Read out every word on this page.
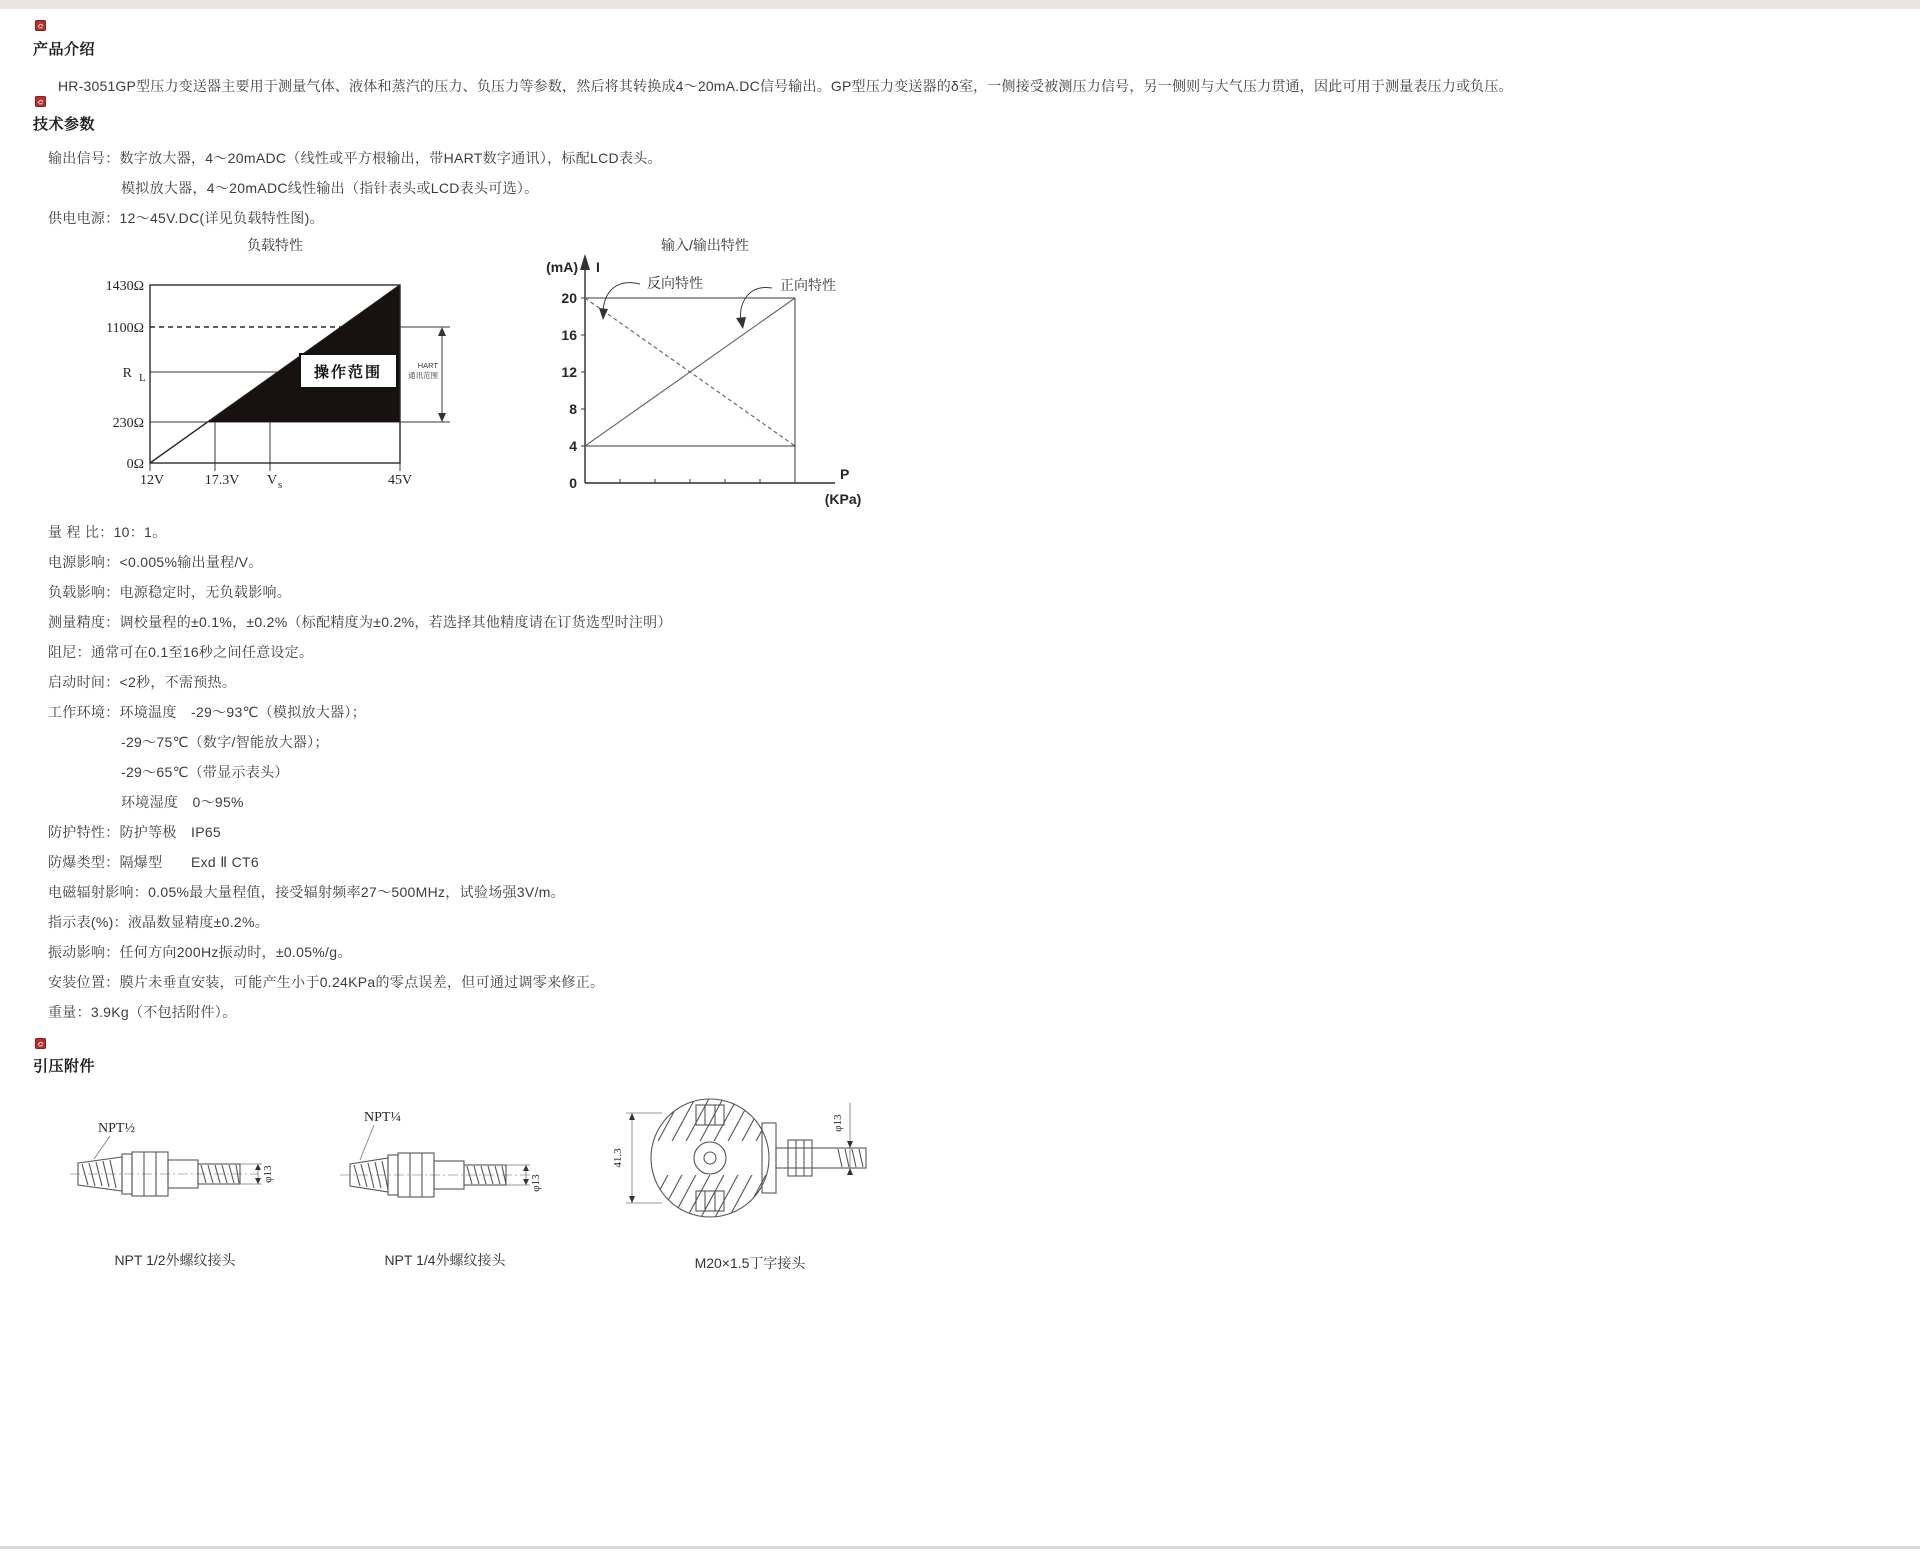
产品介绍
HR-3051GP型压力变送器主要用于测量气体、液体和蒸汽的压力、负压力等参数，然后将其转换成4～20mA.DC信号输出。GP型压力变送器的δ室，一侧接受被测压力信号，另一侧则与大气压力贯通，因此可用于测量表压力或负压。
技术参数
输出信号：数字放大器，4～20mADC（线性或平方根输出，带HART数字通讯），标配LCD表头。
模拟放大器，4～20mADC线性输出（指针表头或LCD表头可选）。
供电电源：12～45V.DC(详见负载特性图)。
负载特性
操作范围	HART
通讯范围
1430Ω
1100Ω
R L
230Ω
0Ω
12V	17.3V V s	45V
输入/输出特性
反向特性	正向特性
(mA) I
20
16
12
8
4
0
P
(KPa)
量 程 比：10：1。
电源影响：<0.005%输出量程/V。
负载影响：电源稳定时，无负载影响。
测量精度：调校量程的±0.1%，±0.2%（标配精度为±0.2%，若选择其他精度请在订货选型时注明）
阻尼：通常可在0.1至16秒之间任意设定。
启动时间：<2秒，不需预热。
工作环境：环境温度　-29～93℃（模拟放大器）；
-29～75℃（数字/智能放大器）；
-29～65℃（带显示表头）
环境湿度　0～95%
防护特性：防护等极　IP65
防爆类型：隔爆型　　Exd Ⅱ CT6
电磁辐射影响：0.05%最大量程值，接受辐射频率27～500MHz，试验场强3V/m。
指示表(%)：液晶数显精度±0.2%。
振动影响：任何方向200Hz振动时，±0.05%/g。
安装位置：膜片未垂直安装，可能产生小于0.24KPa的零点误差，但可通过调零来修正。
重量：3.9Kg（不包括附件）。
引压附件
φ13
NPT½
φ13
NPT¼
41.3
φ13
NPT 1/2外螺纹接头	NPT 1/4外螺纹接头	M20×1.5丁字接头
